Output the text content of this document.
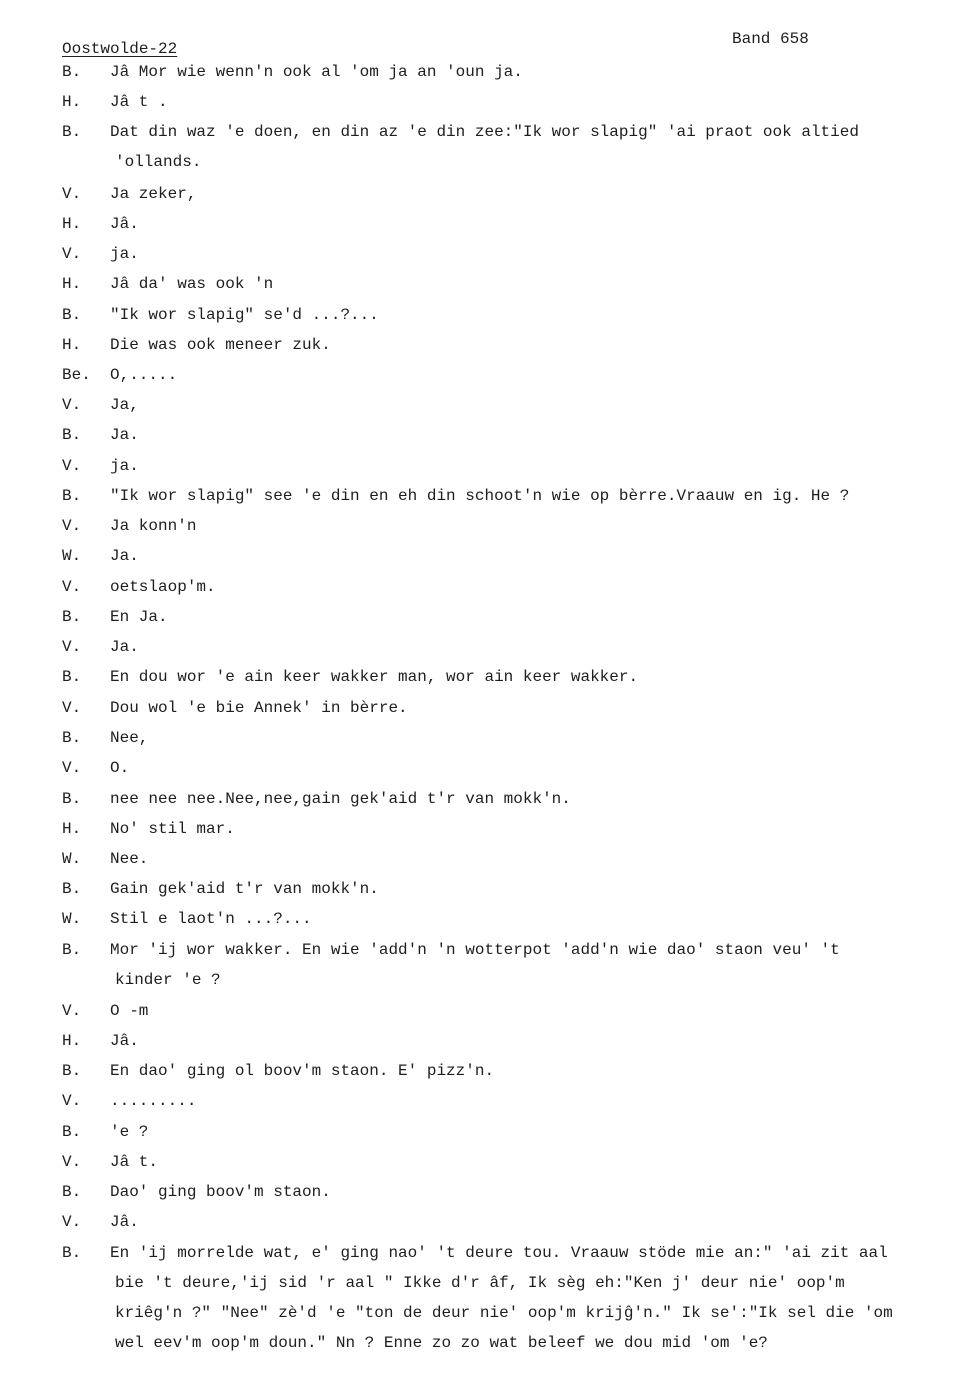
Oostwolde-22
Band 658
B.	Jâ Mor wie wenn'n ook al 'om ja an 'oun ja.
H.	Jâ t .
B.	Dat din waz 'e doen, en din az 'e din zee:"Ik wor slapig" 'ai praot ook altied
'ollands.
V.	Ja zeker,
H.	Jâ.
V.	ja.
H.	Jâ da' was ook 'n
B.	"Ik wor slapig" se'd ...?...
H.	Die was ook meneer zuk.
Be.	O,.....
V.	Ja,
B.	Ja.
V.	ja.
B.	"Ik wor slapig" see 'e din en eh din schoot'n wie op bèrre.Vraauw en ig. He ?
V.	Ja konn'n
W.	Ja.
V.	oetslaop'm.
B.	En Ja.
V.	Ja.
B.	En dou wor 'e ain keer wakker man, wor ain keer wakker.
V.	Dou wol 'e bie Annek' in bèrre.
B.	Nee,
V.	O.
B.	nee nee nee.Nee,nee,gain gek'aid t'r van mokk'n.
H.	No' stil mar.
W.	Nee.
B.	Gain gek'aid t'r van mokk'n.
W.	Stil e laot'n ...?...
B.	Mor 'ij wor wakker. En wie 'add'n 'n wotterpot 'add'n wie dao' staon veu' 't
kinder 'e ?
V.	O -m
H.	Jâ.
B.	En dao' ging ol boov'm staon. E' pizz'n.
V.	.........
B.	'e ?
V.	Jâ t.
B.	Dao' ging boov'm staon.
V.	Jâ.
B.	En 'ij morrelde wat, e' ging nao' 't deure tou. Vraauw stöde mie an:" 'ai zit aal
bie 't deure,'ij sid 'r aal " Ikke d'r âf, Ik sèg eh:"Ken j' deur nie' oop'm
kriêg'n ?" "Nee" zè'd 'e "ton de deur nie' oop'm krijĝ'n." Ik se':"Ik sel die 'om
wel eev'm oop'm doun." Nn ? Enne zo zo wat beleef we dou mid 'om 'e?
